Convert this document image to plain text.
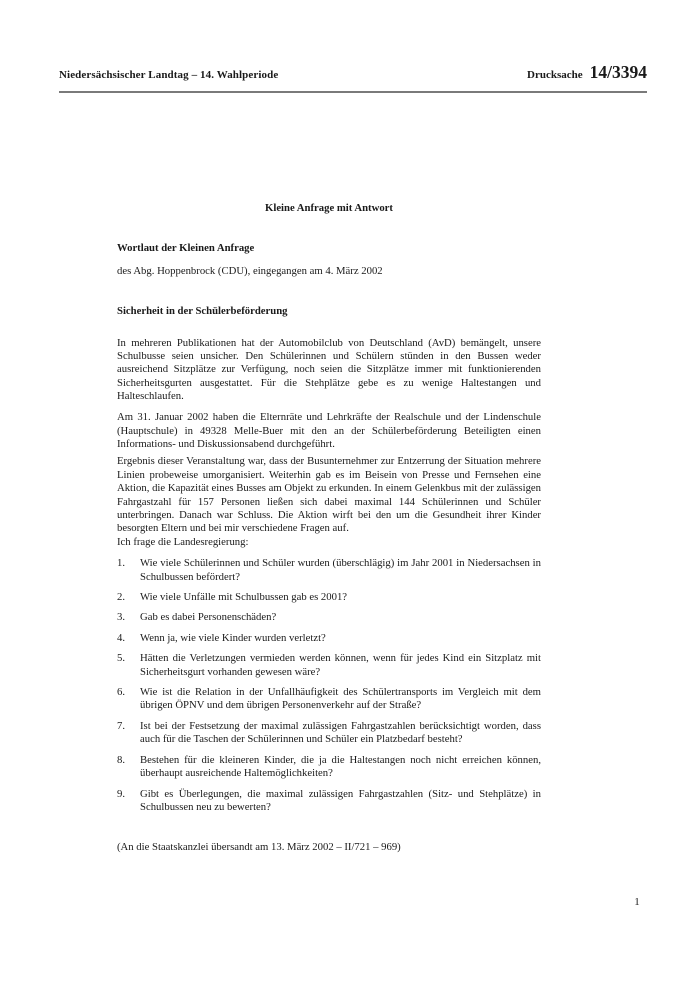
Niedersächsischer Landtag – 14. Wahlperiode	Drucksache 14/3394
Kleine Anfrage mit Antwort
Wortlaut der Kleinen Anfrage

des Abg. Hoppenbrock (CDU), eingegangen am 4. März 2002

Sicherheit in der Schülerbeförderung

In mehreren Publikationen hat der Automobilclub von Deutschland (AvD) bemängelt, unsere Schulbusse seien unsicher. Den Schülerinnen und Schülern stünden in den Bussen weder ausreichend Sitzplätze zur Verfügung, noch seien die Sitzplätze immer mit funktionierenden Sicherheitsgurten ausgestattet. Für die Stehplätze gebe es zu wenige Haltestangen und Halteschlaufen.

Am 31. Januar 2002 haben die Elternräte und Lehrkräfte der Realschule und der Lindenschule (Hauptschule) in 49328 Melle-Buer mit den an der Schülerbeförderung Beteiligten einen Informations- und Diskussionsabend durchgeführt.

Ergebnis dieser Veranstaltung war, dass der Busunternehmer zur Entzerrung der Situation mehrere Linien probeweise umorganisiert. Weiterhin gab es im Beisein von Presse und Fernsehen eine Aktion, die Kapazität eines Busses am Objekt zu erkunden. In einem Gelenkbus mit der zulässigen Fahrgastzahl für 157 Personen ließen sich dabei maximal 144 Schülerinnen und Schüler unterbringen. Danach war Schluss. Die Aktion wirft bei den um die Gesundheit ihrer Kinder besorgten Eltern und bei mir verschiedene Fragen auf.

Ich frage die Landesregierung:

1.	Wie viele Schülerinnen und Schüler wurden (überschlägig) im Jahr 2001 in Niedersachsen in Schulbussen befördert?
2.	Wie viele Unfälle mit Schulbussen gab es 2001?
3.	Gab es dabei Personenschäden?
4.	Wenn ja, wie viele Kinder wurden verletzt?
5.	Hätten die Verletzungen vermieden werden können, wenn für jedes Kind ein Sitzplatz mit Sicherheitsgurt vorhanden gewesen wäre?
6.	Wie ist die Relation in der Unfallhäufigkeit des Schülertransports im Vergleich mit dem übrigen ÖPNV und dem übrigen Personenverkehr auf der Straße?
7.	Ist bei der Festsetzung der maximal zulässigen Fahrgastzahlen berücksichtigt worden, dass auch für die Taschen der Schülerinnen und Schüler ein Platzbedarf besteht?
8.	Bestehen für die kleineren Kinder, die ja die Haltestangen noch nicht erreichen können, überhaupt ausreichende Haltemöglichkeiten?
9.	Gibt es Überlegungen, die maximal zulässigen Fahrgastzahlen (Sitz- und Stehplätze) in Schulbussen neu zu bewerten?

(An die Staatskanzlei übersandt am 13. März 2002 – II/721 – 969)

1
